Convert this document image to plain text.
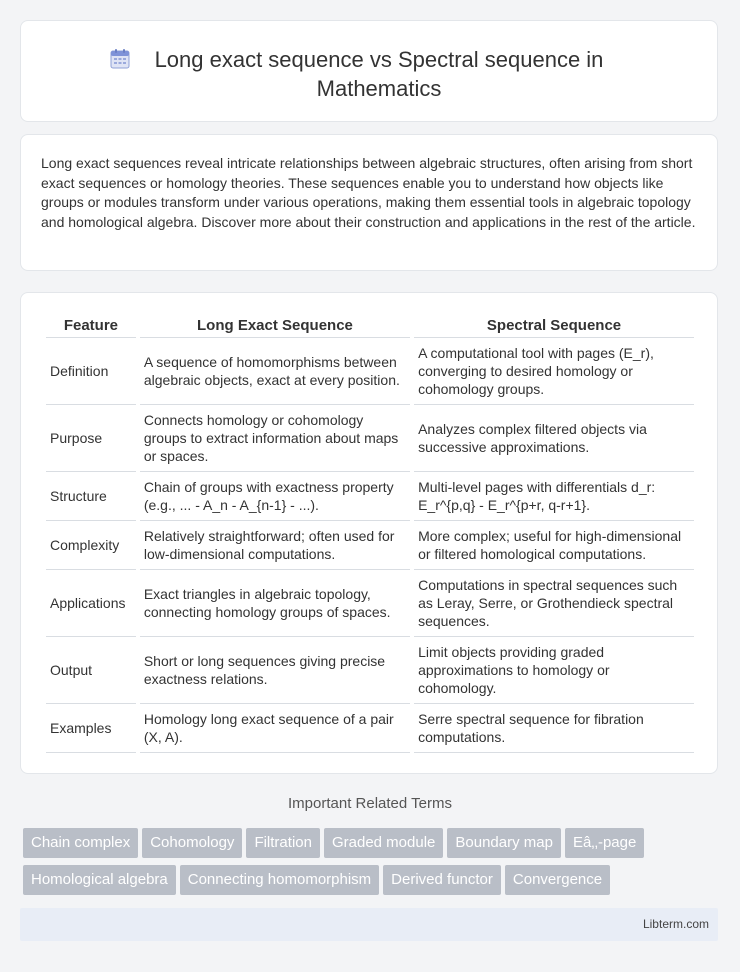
Long exact sequence vs Spectral sequence in Mathematics

Long exact sequences reveal intricate relationships between algebraic structures, often arising from short exact sequences or homology theories. These sequences enable you to understand how objects like groups or modules transform under various operations, making them essential tools in algebraic topology and homological algebra. Discover more about their construction and applications in the rest of the article.

Feature	Long Exact Sequence	Spectral Sequence
Definition	A sequence of homomorphisms between algebraic objects, exact at every position.	A computational tool with pages (E_r), converging to desired homology or cohomology groups.
Purpose	Connects homology or cohomology groups to extract information about maps or spaces.	Analyzes complex filtered objects via successive approximations.
Structure	Chain of groups with exactness property (e.g., ... - A_n - A_{n-1} - ...).	Multi-level pages with differentials d_r: E_r^{p,q} - E_r^{p+r, q-r+1}.
Complexity	Relatively straightforward; often used for low-dimensional computations.	More complex; useful for high-dimensional or filtered homological computations.
Applications	Exact triangles in algebraic topology, connecting homology groups of spaces.	Computations in spectral sequences such as Leray, Serre, or Grothendieck spectral sequences.
Output	Short or long sequences giving precise exactness relations.	Limit objects providing graded approximations to homology or cohomology.
Examples	Homology long exact sequence of a pair (X, A).	Serre spectral sequence for fibration computations.
Important Related Terms
Chain complex Cohomology Filtration Graded module Boundary map Eâ‚‚-pageHomological algebra Connecting homomorphism Derived functor Convergence
Libterm.com
